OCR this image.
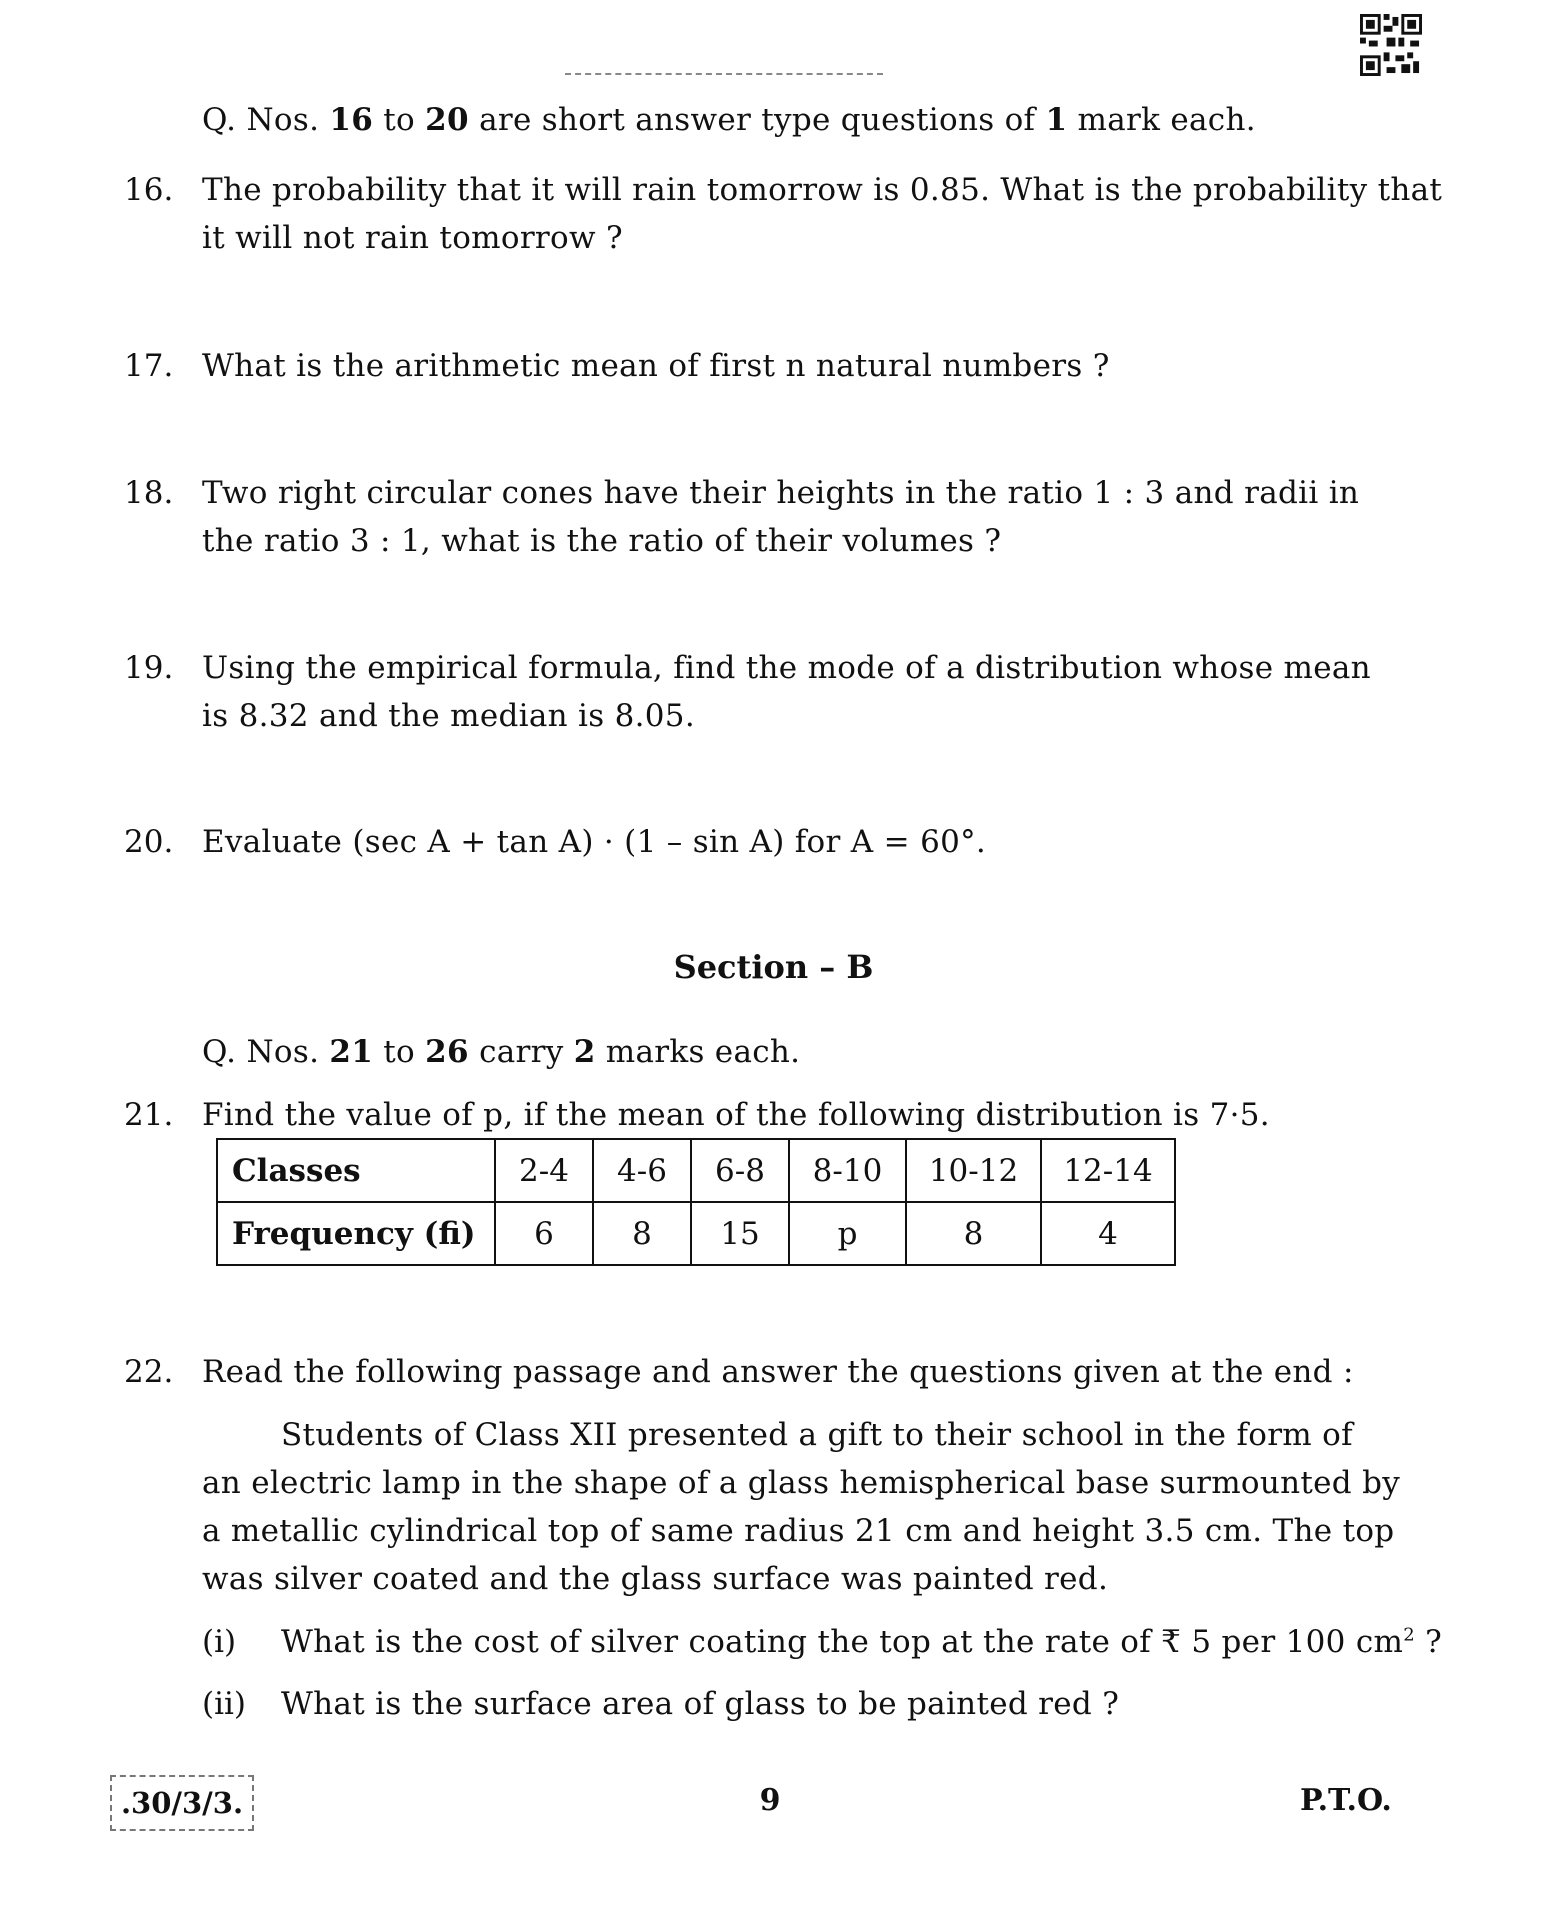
Q. Nos. 16 to 20 are short answer type questions of 1 mark each.
16. The probability that it will rain tomorrow is 0.85. What is the probability that
it will not rain tomorrow ?
17. What is the arithmetic mean of first n natural numbers ?
18. Two right circular cones have their heights in the ratio 1 : 3 and radii in
the ratio 3 : 1, what is the ratio of their volumes ?
19. Using the empirical formula, find the mode of a distribution whose mean
is 8.32 and the median is 8.05.
20. Evaluate (sec A + tan A) · (1 – sin A) for A = 60°.
Section – B
Q. Nos. 21 to 26 carry 2 marks each.
21. Find the value of p, if the mean of the following distribution is 7·5.
Classes	2-4	4-6	6-8	8-10	10-12	12-14
Frequency (fi)	6	8	15	p	8	4
22. Read the following passage and answer the questions given at the end :
Students of Class XII presented a gift to their school in the form of
an electric lamp in the shape of a glass hemispherical base surmounted by
a metallic cylindrical top of same radius 21 cm and height 3.5 cm. The top
was silver coated and the glass surface was painted red.
(i) What is the cost of silver coating the top at the rate of ₹ 5 per 100 $cm^2$ ?
(ii) What is the surface area of glass to be painted red ?
.30/3/3.	9	P.T.O.
